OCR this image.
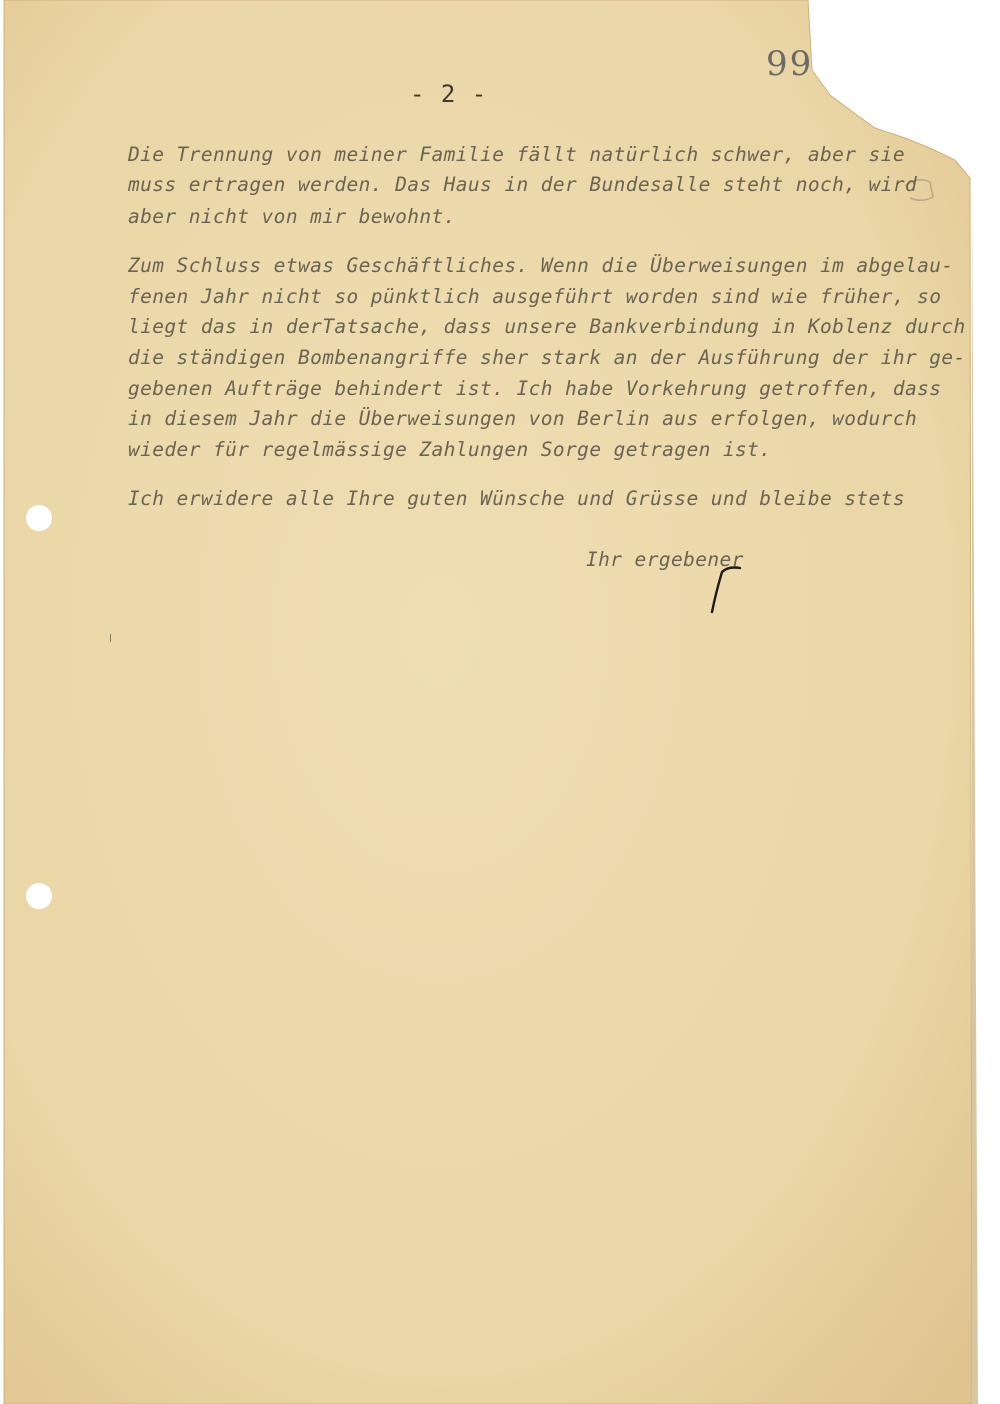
99
- 2 -
Die Trennung von meiner Familie fällt natürlich schwer, aber sie
muss ertragen werden. Das Haus in der Bundesalle steht noch, wird
aber nicht von mir bewohnt.
Zum Schluss etwas Geschäftliches. Wenn die Überweisungen im abgelau-
fenen Jahr nicht so pünktlich ausgeführt worden sind wie früher, so
liegt das in derTatsache, dass unsere Bankverbindung in Koblenz durch
die ständigen Bombenangriffe sher stark an der Ausführung der ihr ge-
gebenen Aufträge behindert ist. Ich habe Vorkehrung getroffen, dass
in diesem Jahr die Überweisungen von Berlin aus erfolgen, wodurch
wieder für regelmässige Zahlungen Sorge getragen ist.
Ich erwidere alle Ihre guten Wünsche und Grüsse und bleibe stets
Ihr ergebener
